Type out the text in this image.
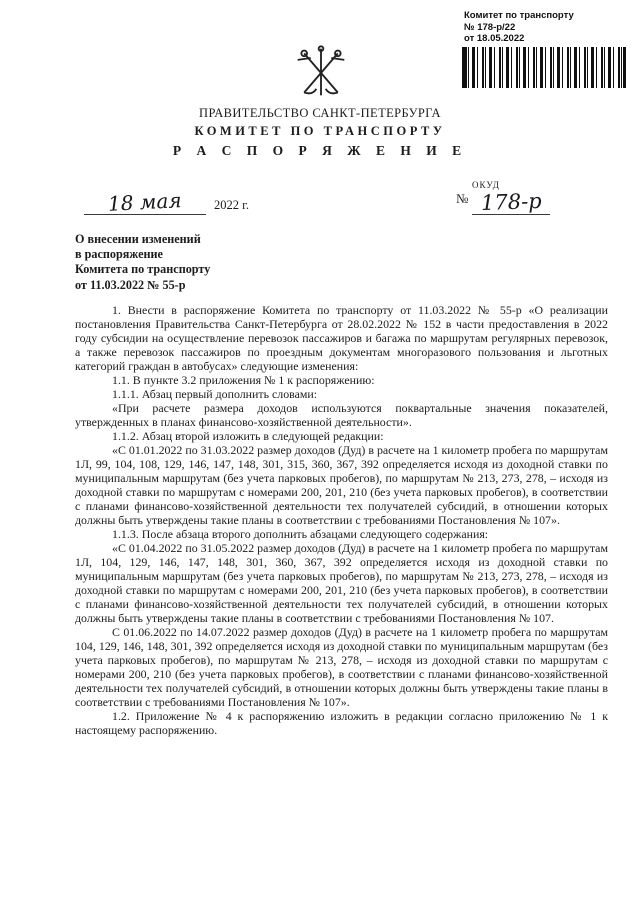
Комитет по транспорту
№ 178-р/22
от 18.05.2022
ПРАВИТЕЛЬСТВО САНКТ-ПЕТЕРБУРГА
КОМИТЕТ ПО ТРАНСПОРТУ
Р А С П О Р Я Ж Е Н И Е
ОКУД
18 мая	2022 г.	№ 178-р
О внесении изменений
в распоряжение
Комитета по транспорту
от 11.03.2022 № 55-р

1. Внести в распоряжение Комитета по транспорту от 11.03.2022 № 55-р «О реализации постановления Правительства Санкт-Петербурга от 28.02.2022 № 152 в части предоставления в 2022 году субсидии на осуществление перевозок пассажиров и багажа по маршрутам регулярных перевозок, а также перевозок пассажиров по проездным документам многоразового пользования и льготных категорий граждан в автобусах» следующие изменения:

1.1. В пункте 3.2 приложения № 1 к распоряжению:

1.1.1. Абзац первый дополнить словами:

«При расчете размера доходов используются поквартальные значения показателей, утвержденных в планах финансово-хозяйственной деятельности».

1.1.2. Абзац второй изложить в следующей редакции:

«С 01.01.2022 по 31.03.2022 размер доходов (Дуд) в расчете на 1 километр пробега по маршрутам 1Л, 99, 104, 108, 129, 146, 147, 148, 301, 315, 360, 367, 392 определяется исходя из доходной ставки по муниципальным маршрутам (без учета парковых пробегов), по маршрутам № 213, 273, 278, – исходя из доходной ставки по маршрутам с номерами 200, 201, 210 (без учета парковых пробегов), в соответствии с планами финансово-хозяйственной деятельности тех получателей субсидий, в отношении которых должны быть утверждены такие планы в соответствии с требованиями Постановления № 107».

1.1.3. После абзаца второго дополнить абзацами следующего содержания:

«С 01.04.2022 по 31.05.2022 размер доходов (Дуд) в расчете на 1 километр пробега по маршрутам 1Л, 104, 129, 146, 147, 148, 301, 360, 367, 392 определяется исходя из доходной ставки по муниципальным маршрутам (без учета парковых пробегов), по маршрутам № 213, 273, 278, – исходя из доходной ставки по маршрутам с номерами 200, 201, 210 (без учета парковых пробегов), в соответствии с планами финансово-хозяйственной деятельности тех получателей субсидий, в отношении которых должны быть утверждены такие планы в соответствии с требованиями Постановления № 107.

С 01.06.2022 по 14.07.2022 размер доходов (Дуд) в расчете на 1 километр пробега по маршрутам 104, 129, 146, 148, 301, 392 определяется исходя из доходной ставки по муниципальным маршрутам (без учета парковых пробегов), по маршрутам № 213, 278, – исходя из доходной ставки по маршрутам с номерами 200, 210 (без учета парковых пробегов), в соответствии с планами финансово-хозяйственной деятельности тех получателей субсидий, в отношении которых должны быть утверждены такие планы в соответствии с требованиями Постановления № 107».

1.2. Приложение № 4 к распоряжению изложить в редакции согласно приложению № 1 к настоящему распоряжению.
